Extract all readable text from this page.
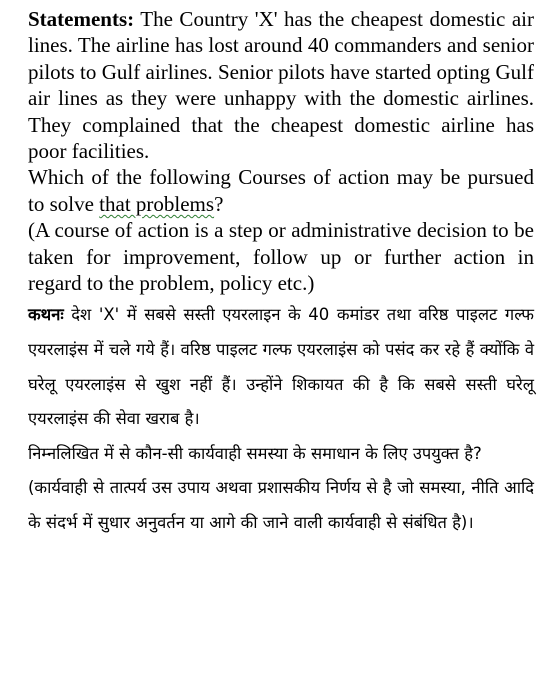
Statements: The Country 'X' has the cheapest domestic air lines. The airline has lost around 40 commanders and senior pilots to Gulf airlines. Senior pilots have started opting Gulf air lines as they were unhappy with the domestic airlines. They complained that the cheapest domestic airline has poor facilities.

Which of the following Courses of action may be pursued to solve that problems?

(A course of action is a step or administrative decision to be taken for improvement, follow up or further action in regard to the problem, policy etc.)

कथनः देश 'X' में सबसे सस्ती एयरलाइन के 40 कमांडर तथा वरिष्ठ पाइलट गल्फ एयरलाइंस में चले गये हैं। वरिष्ठ पाइलट गल्फ एयरलाइंस को पसंद कर रहे हैं क्योंकि वे घरेलू एयरलाइंस से खुश नहीं हैं। उन्होंने शिकायत की है कि सबसे सस्ती घरेलू एयरलाइंस की सेवा खराब है।

निम्नलिखित में से कौन-सी कार्यवाही समस्या के समाधान के लिए उपयुक्त है?

(कार्यवाही से तात्पर्य उस उपाय अथवा प्रशासकीय निर्णय से है जो समस्या, नीति आदि के संदर्भ में सुधार अनुवर्तन या आगे की जाने वाली कार्यवाही से संबंधित है)।
